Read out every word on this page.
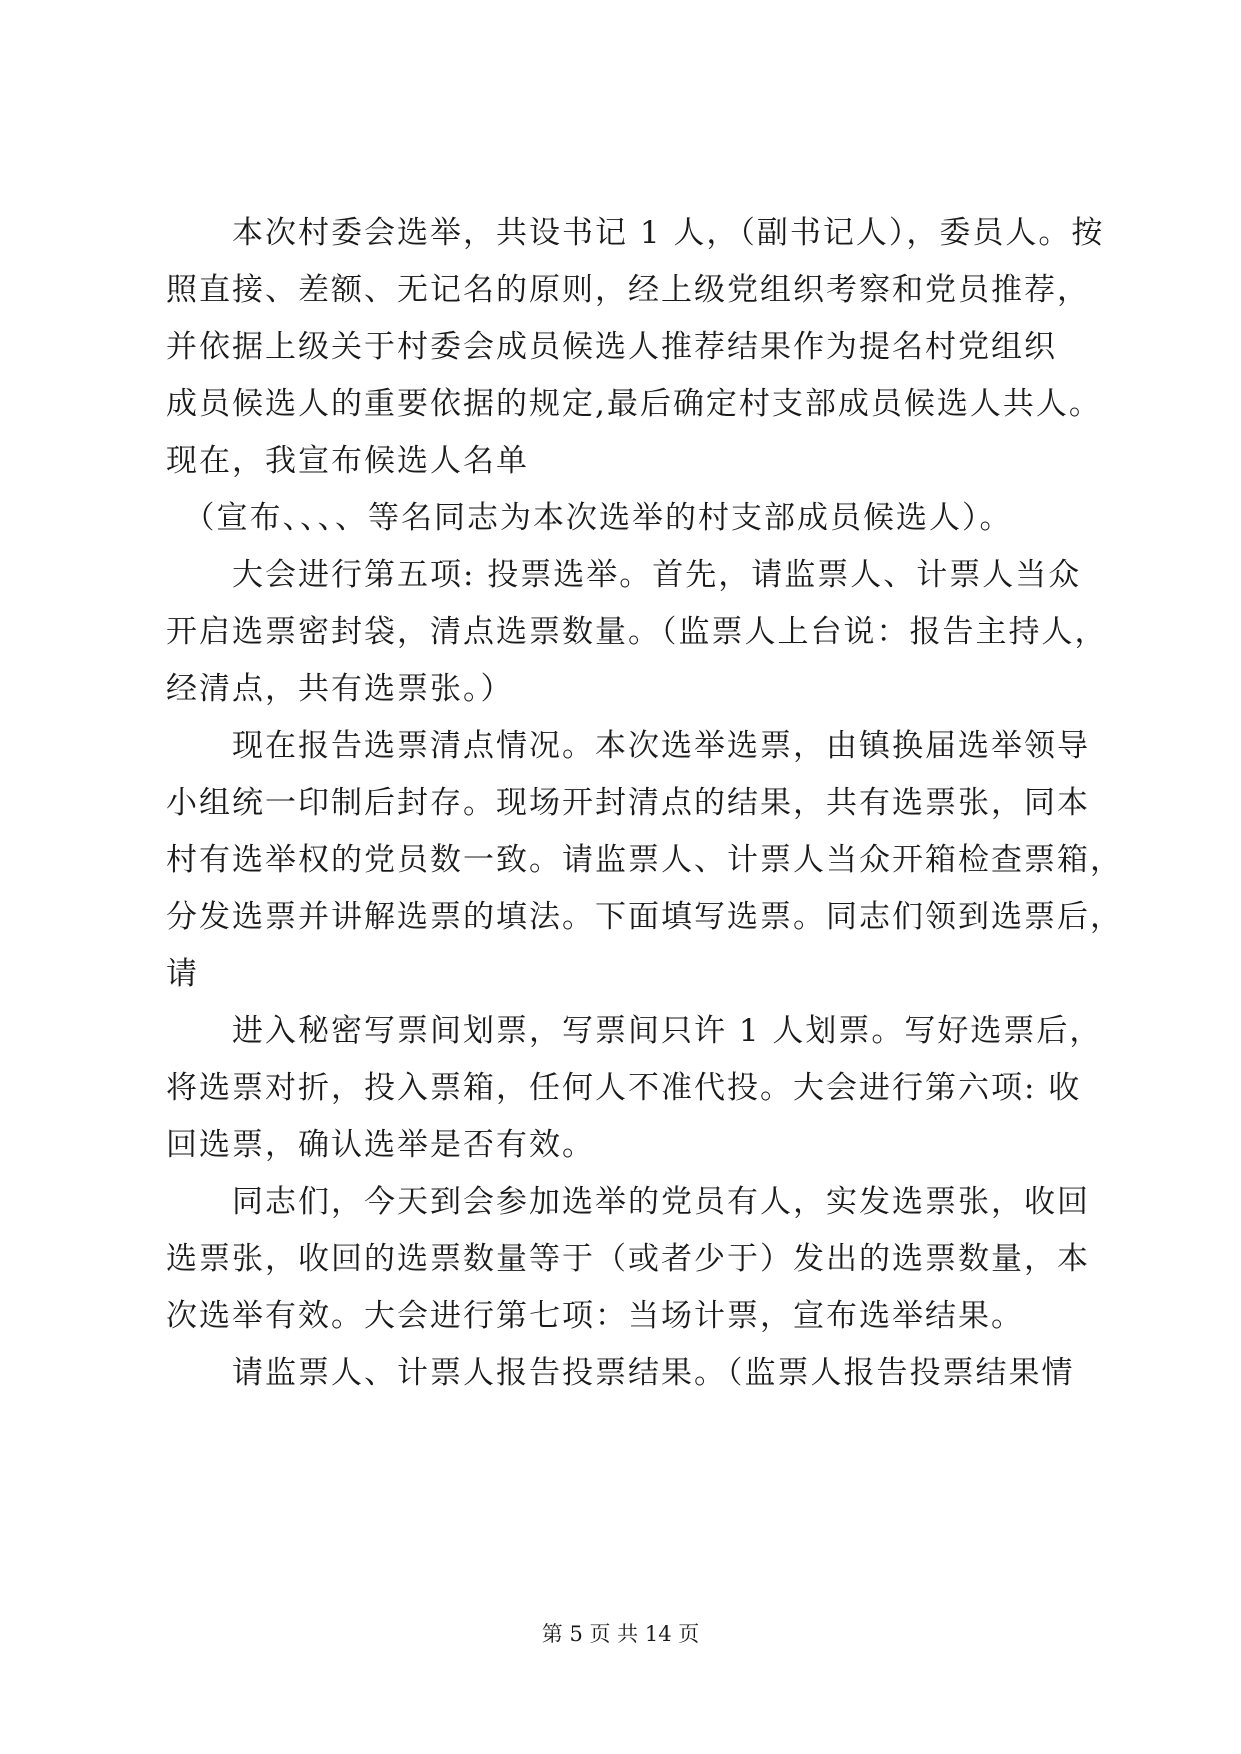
　　本次村委会选举，共设书记 1 人，（副书记人），委员人。按
照直接、差额、无记名的原则，经上级党组织考察和党员推荐，
并依据上级关于村委会成员候选人推荐结果作为提名村党组织
成员候选人的重要依据的规定,最后确定村支部成员候选人共人。
现在，我宣布候选人名单
　（宣布、、、、等名同志为本次选举的村支部成员候选人）。
　　大会进行第五项: 投票选举。首先，请监票人、计票人当众
开启选票密封袋，清点选票数量。（监票人上台说：报告主持人，
经清点，共有选票张。）
　　现在报告选票清点情况。本次选举选票，由镇换届选举领导
小组统一印制后封存。现场开封清点的结果，共有选票张，同本
村有选举权的党员数一致。请监票人、计票人当众开箱检查票箱，
分发选票并讲解选票的填法。下面填写选票。同志们领到选票后，
请
　　进入秘密写票间划票，写票间只许 1 人划票。写好选票后，
将选票对折，投入票箱，任何人不准代投。大会进行第六项: 收
回选票，确认选举是否有效。
　　同志们，今天到会参加选举的党员有人，实发选票张，收回
选票张，收回的选票数量等于（或者少于）发出的选票数量，本
次选举有效。大会进行第七项：当场计票，宣布选举结果。
　　请监票人、计票人报告投票结果。（监票人报告投票结果情
第 5 页 共 14 页
